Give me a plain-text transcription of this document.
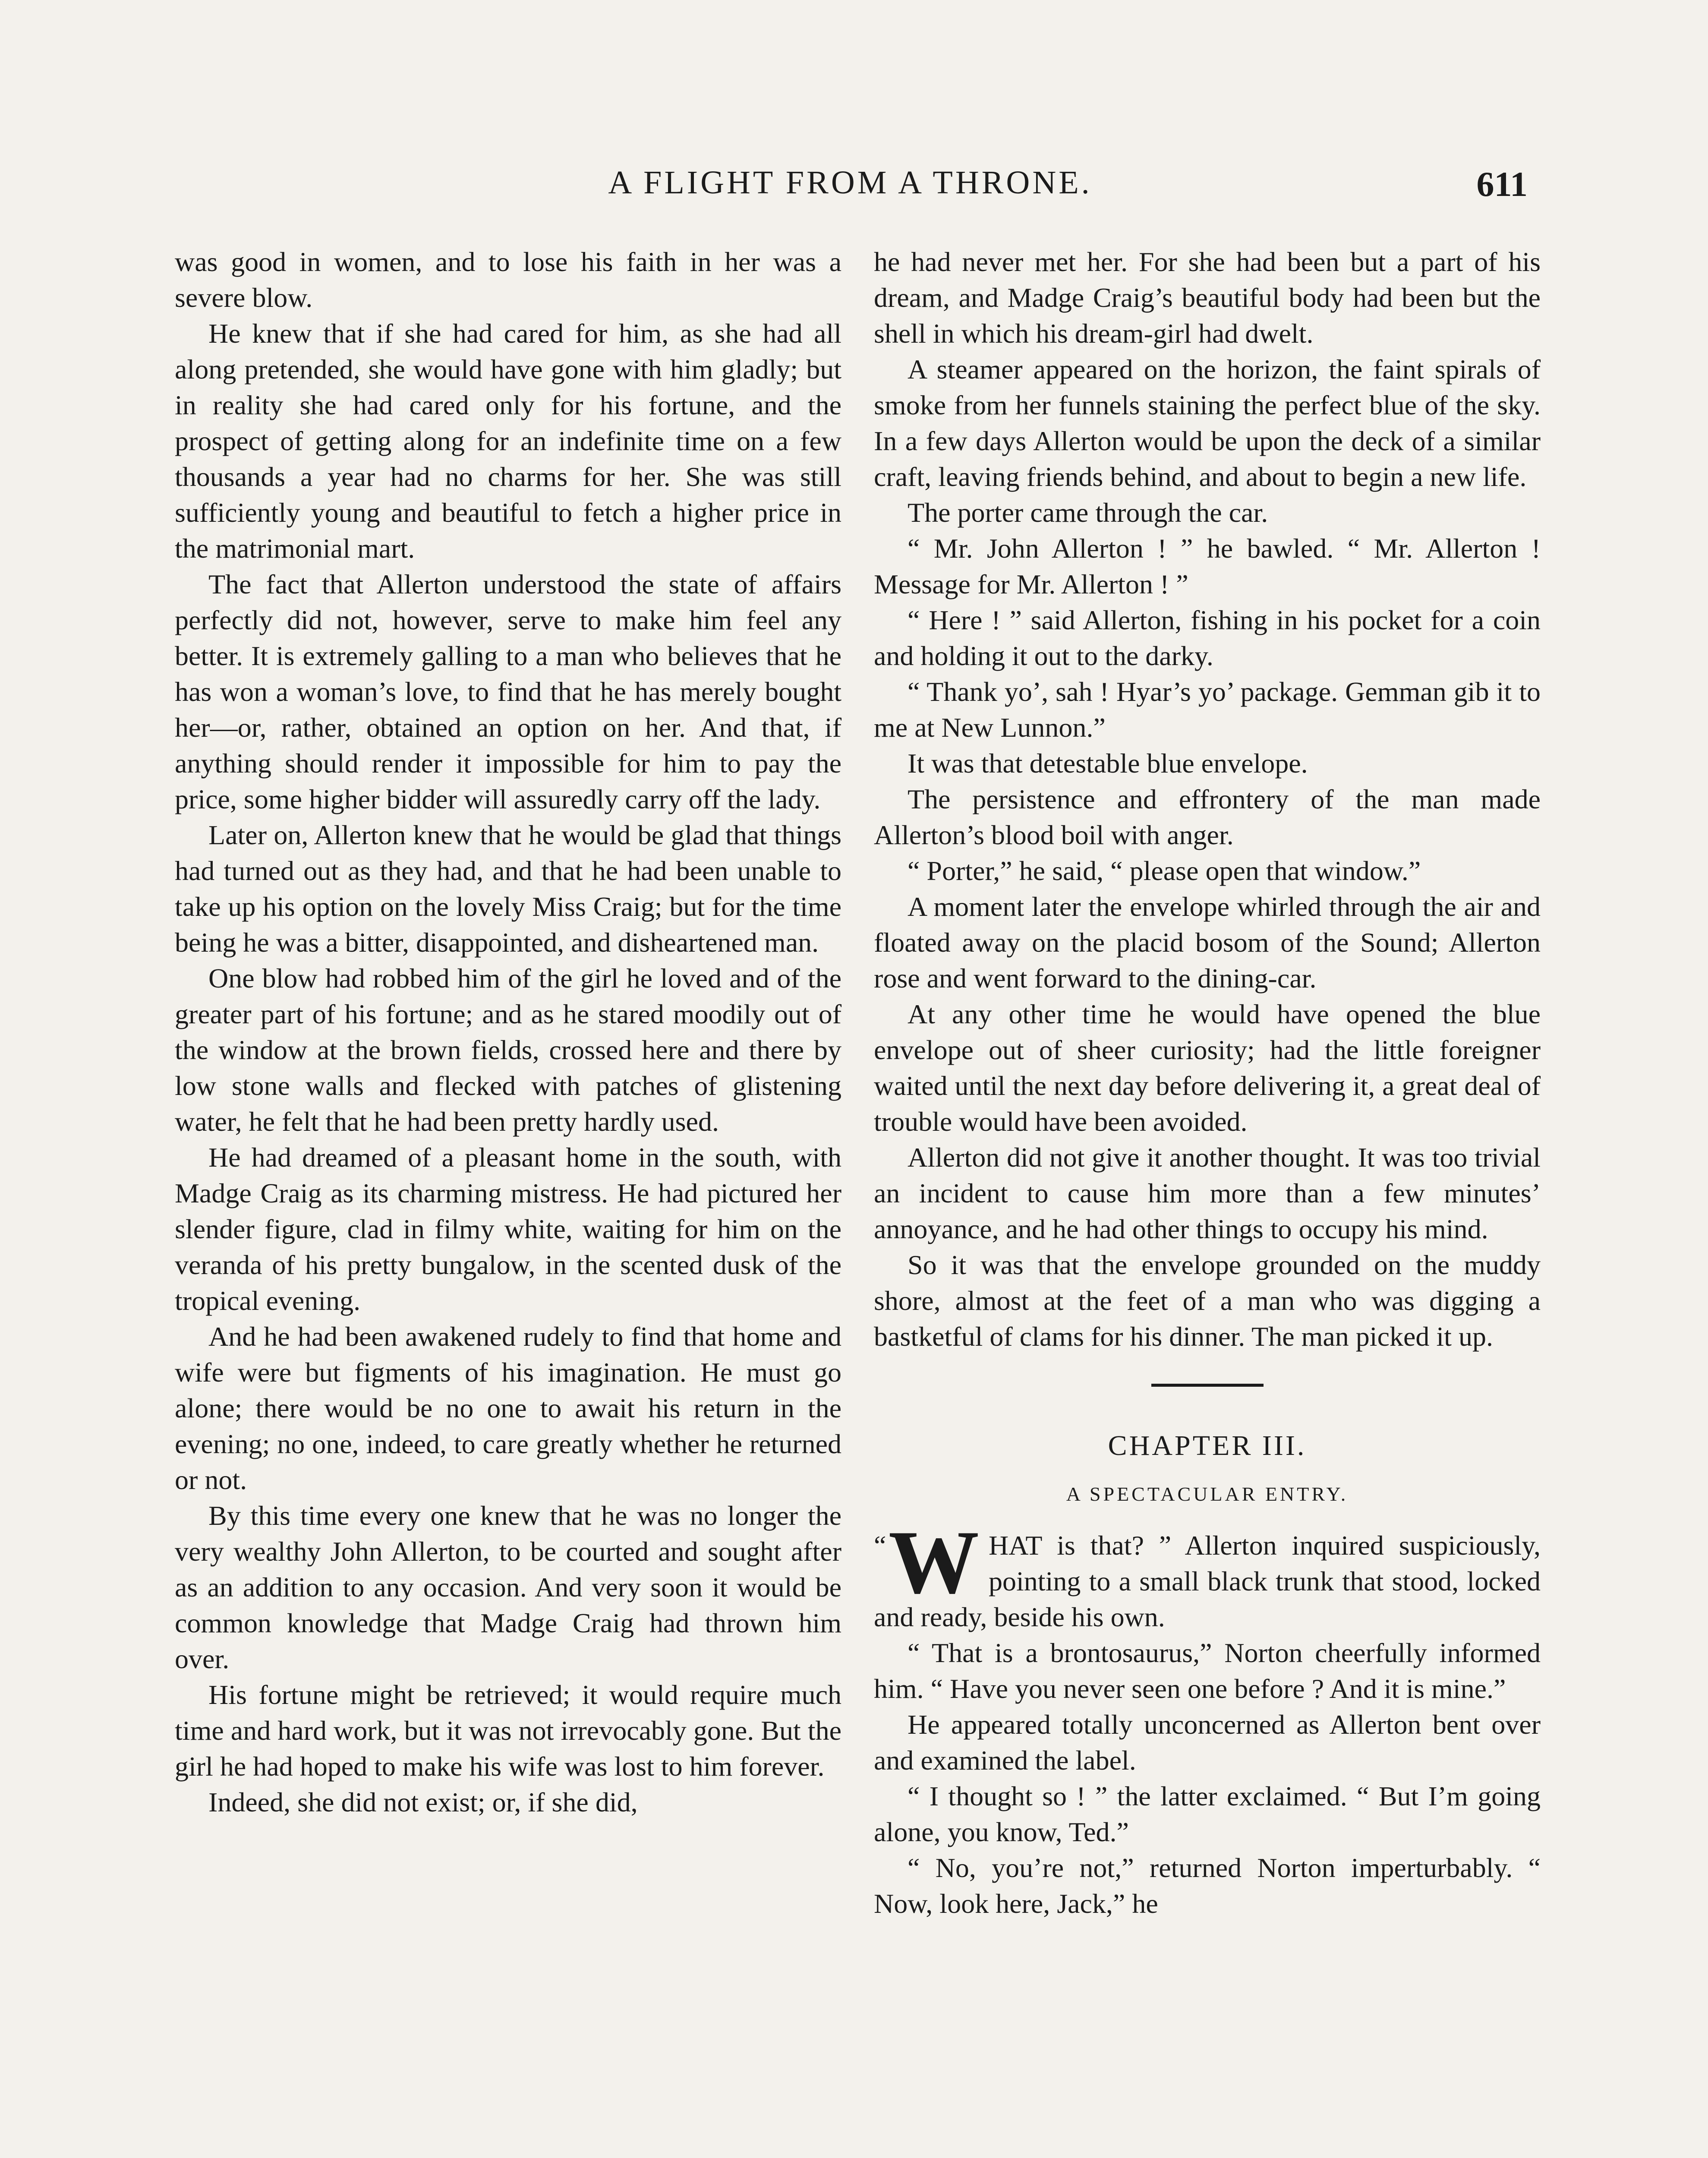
A FLIGHT FROM A THRONE.	611

was good in women, and to lose his faith in her was a severe blow.

He knew that if she had cared for him, as she had all along pretended, she would have gone with him gladly; but in reality she had cared only for his fortune, and the prospect of getting along for an indefinite time on a few thousands a year had no charms for her. She was still sufficiently young and beautiful to fetch a higher price in the matrimonial mart.

The fact that Allerton understood the state of affairs perfectly did not, however, serve to make him feel any better. It is extremely galling to a man who believes that he has won a woman’s love, to find that he has merely bought her—or, rather, obtained an option on her. And that, if anything should render it impossible for him to pay the price, some higher bidder will assuredly carry off the lady.

Later on, Allerton knew that he would be glad that things had turned out as they had, and that he had been unable to take up his option on the lovely Miss Craig; but for the time being he was a bitter, disappointed, and disheartened man.

One blow had robbed him of the girl he loved and of the greater part of his fortune; and as he stared moodily out of the window at the brown fields, crossed here and there by low stone walls and flecked with patches of glistening water, he felt that he had been pretty hardly used.

He had dreamed of a pleasant home in the south, with Madge Craig as its charming mistress. He had pictured her slender figure, clad in filmy white, waiting for him on the veranda of his pretty bungalow, in the scented dusk of the tropical evening.

And he had been awakened rudely to find that home and wife were but figments of his imagination. He must go alone; there would be no one to await his return in the evening; no one, indeed, to care greatly whether he returned or not.

By this time every one knew that he was no longer the very wealthy John Allerton, to be courted and sought after as an addition to any occasion. And very soon it would be common knowledge that Madge Craig had thrown him over.

His fortune might be retrieved; it would require much time and hard work, but it was not irrevocably gone. But the girl he had hoped to make his wife was lost to him forever.

Indeed, she did not exist; or, if she did,

he had never met her. For she had been but a part of his dream, and Madge Craig’s beautiful body had been but the shell in which his dream-girl had dwelt.

A steamer appeared on the horizon, the faint spirals of smoke from her funnels staining the perfect blue of the sky. In a few days Allerton would be upon the deck of a similar craft, leaving friends behind, and about to begin a new life.

The porter came through the car.

“ Mr. John Allerton ! ” he bawled. “ Mr. Allerton ! Message for Mr. Allerton ! ”

“ Here ! ” said Allerton, fishing in his pocket for a coin and holding it out to the darky.

“ Thank yo’, sah ! Hyar’s yo’ package. Gemman gib it to me at New Lunnon.”

It was that detestable blue envelope.

The persistence and effrontery of the man made Allerton’s blood boil with anger.

“ Porter,” he said, “ please open that window.”

A moment later the envelope whirled through the air and floated away on the placid bosom of the Sound; Allerton rose and went forward to the dining-car.

At any other time he would have opened the blue envelope out of sheer curiosity; had the little foreigner waited until the next day before delivering it, a great deal of trouble would have been avoided.

Allerton did not give it another thought. It was too trivial an incident to cause him more than a few minutes’ annoyance, and he had other things to occupy his mind.

So it was that the envelope grounded on the muddy shore, almost at the feet of a man who was digging a bastketful of clams for his dinner. The man picked it up.

CHAPTER III.
A SPECTACULAR ENTRY.

“ W HAT is that? ” Allerton inquired suspiciously, pointing to a small black trunk that stood, locked and ready, beside his own.

“ That is a brontosaurus,” Norton cheerfully informed him. “ Have you never seen one before ? And it is mine.”

He appeared totally unconcerned as Allerton bent over and examined the label.

“ I thought so ! ” the latter exclaimed. “ But I’m going alone, you know, Ted.”

“ No, you’re not,” returned Norton imperturbably. “ Now, look here, Jack,” he
